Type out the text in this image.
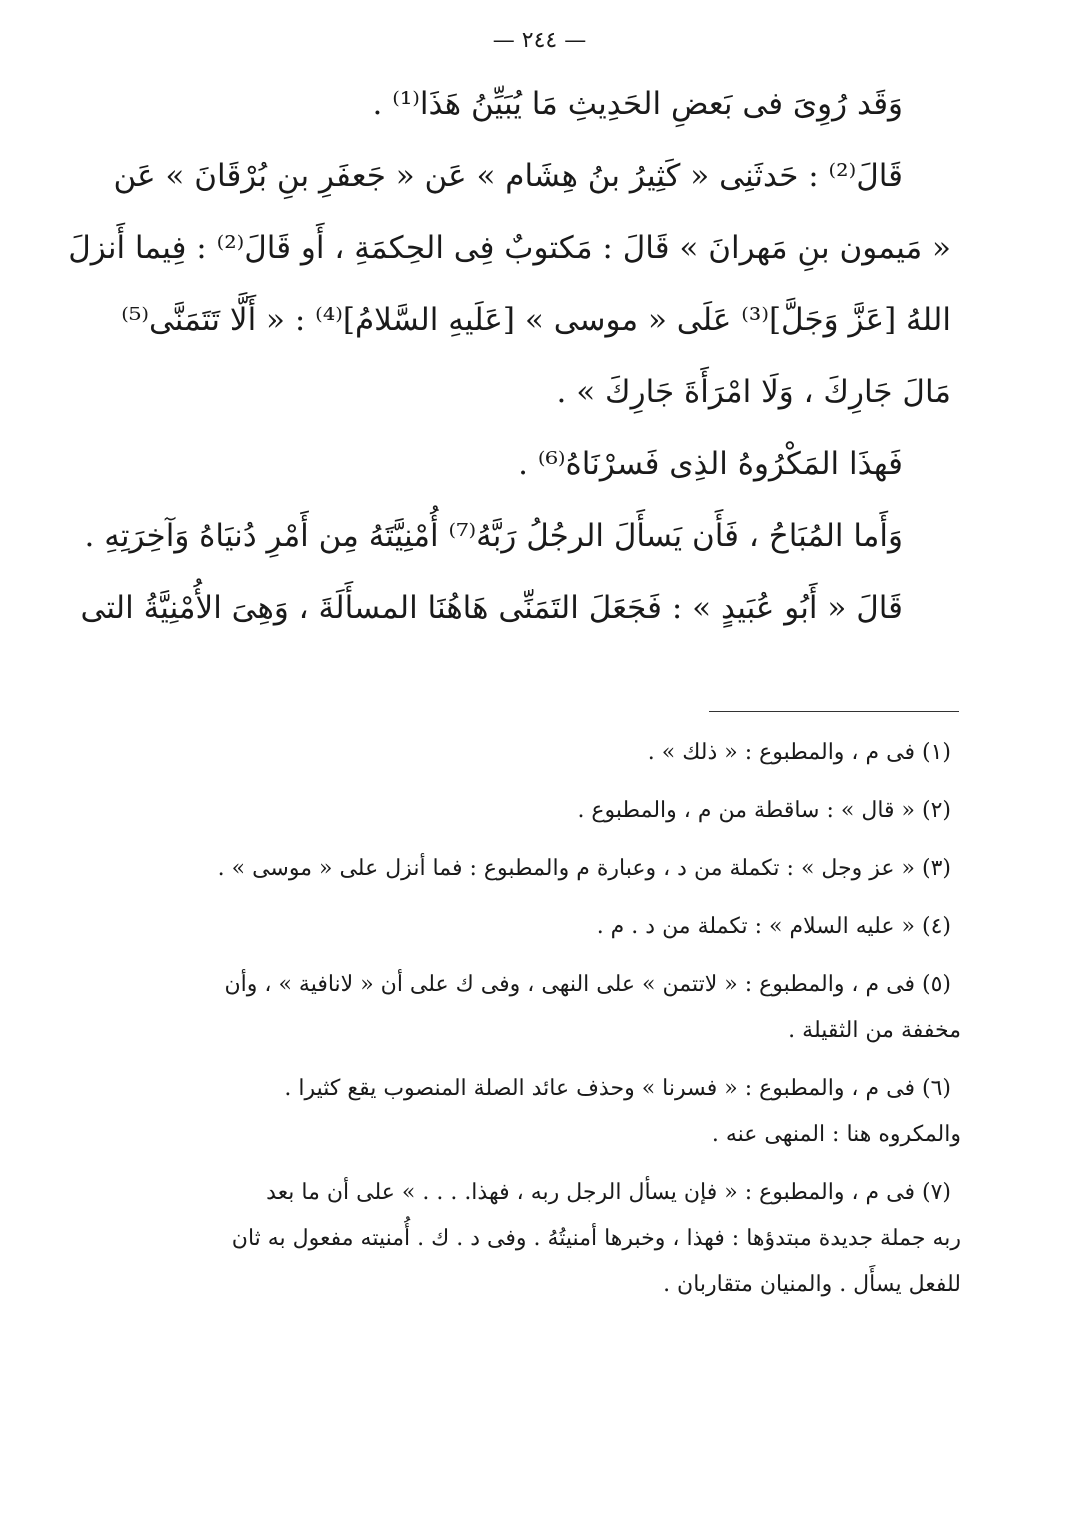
— ٢٤٤ —
وَقَد رُوِىَ فى بَعضِ الحَدِيثِ مَا يُبَيِّنُ هَذَا⁽¹⁾ .
قَالَ⁽²⁾ : حَدثَنِى « كَثِيرُ بنُ هِشَام » عَن « جَعفَرِ بنِ بُرْقَانَ » عَن
« مَيمون بنِ مَهرانَ » قَالَ : مَكتوبٌ فِى الحِكمَةِ ، أَو قَالَ⁽²⁾ : فِيما أَنزلَ
اللهُ [عَزَّ وَجَلَّ]⁽³⁾ عَلَى « موسى » [عَلَيهِ السَّلامُ]⁽⁴⁾ : « أَلَّا تَتَمَنَّى⁽⁵⁾
مَالَ جَارِكَ ، وَلَا امْرَأَةَ جَارِكَ » .
فَهذَا المَكْرُوهُ الذِى فَسرْنَاهُ⁽⁶⁾ .
وَأَما المُبَاحُ ، فَأَن يَسأَلَ الرجُلُ رَبَّهُ⁽⁷⁾ أُمْنِيَّتَهُ مِن أَمْرِ دُنيَاهُ وَآخِرَتِهِ .
قَالَ « أَبُو عُبَيدٍ » : فَجَعَلَ التَمَنِّى هَاهُنَا المسأَلَةَ ، وَهِىَ الأُمْنِيَّةُ التى
(١) فى م ، والمطبوع : « ذلك » .
(٢) « قال » : ساقطة من م ، والمطبوع .
(٣) « عز وجل » : تكملة من د ، وعبارة م والمطبوع : فما أنزل على « موسى » .
(٤) « عليه السلام » : تكملة من د . م .
(٥) فى م ، والمطبوع : « لاتتمن » على النهى ، وفى ك على أن « لانافية » ، وأن
مخففة من الثقيلة .
(٦) فى م ، والمطبوع : « فسرنا » وحذف عائد الصلة المنصوب يقع كثيرا .
والمكروه هنا : المنهى عنه .
(٧) فى م ، والمطبوع : « فإن يسأل الرجل ربه ، فهذا. . . . » على أن ما بعد
ربه جملة جديدة مبتدؤها : فهذا ، وخبرها أمنيتُهُ . وفى د . ك . أُمنيته مفعول به ثان
للفعل يسأَل . والمنيان متقاربان .
